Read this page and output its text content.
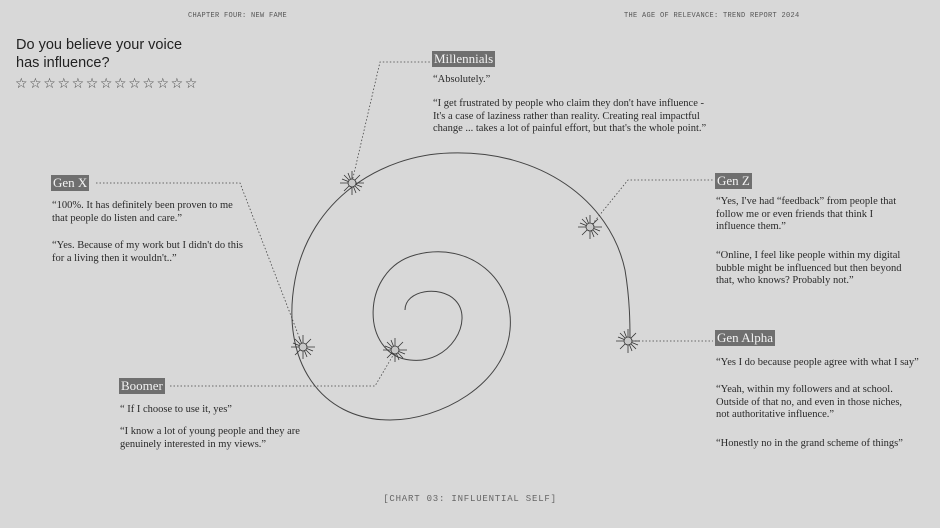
CHAPTER FOUR: NEW FAME	THE AGE OF RELEVANCE: TREND REPORT 2024
Do you believe your voice
has influence?
☆☆☆☆☆☆☆☆☆☆☆☆☆
Millennials

“Absolutely.”

“I get frustrated by people who claim they don't have influence - It's a case of laziness rather than reality. Creating real impactful change ... takes a lot of painful effort, but that's the whole point.”

Gen X

“100%. It has definitely been proven to me that people do listen and care.”

“Yes. Because of my work but I didn't do this for a living then it wouldn't..”

Gen Z

“Yes, I've had “feedback” from people that follow me or even friends that think I influence them.”

“Online, I feel like people within my digital bubble might be influenced but then beyond that, who knows? Probably not.”

Gen Alpha

“Yes I do because people agree with what I say”

“Yeah, within my followers and at school. Outside of that no, and even in those niches, not authoritative influence.”

“Honestly no in the grand scheme of things”

Boomer

“ If I choose to use it, yes”

“I know a lot of young people and they are genuinely interested in my views.”

[CHART 03: INFLUENTIAL SELF]
